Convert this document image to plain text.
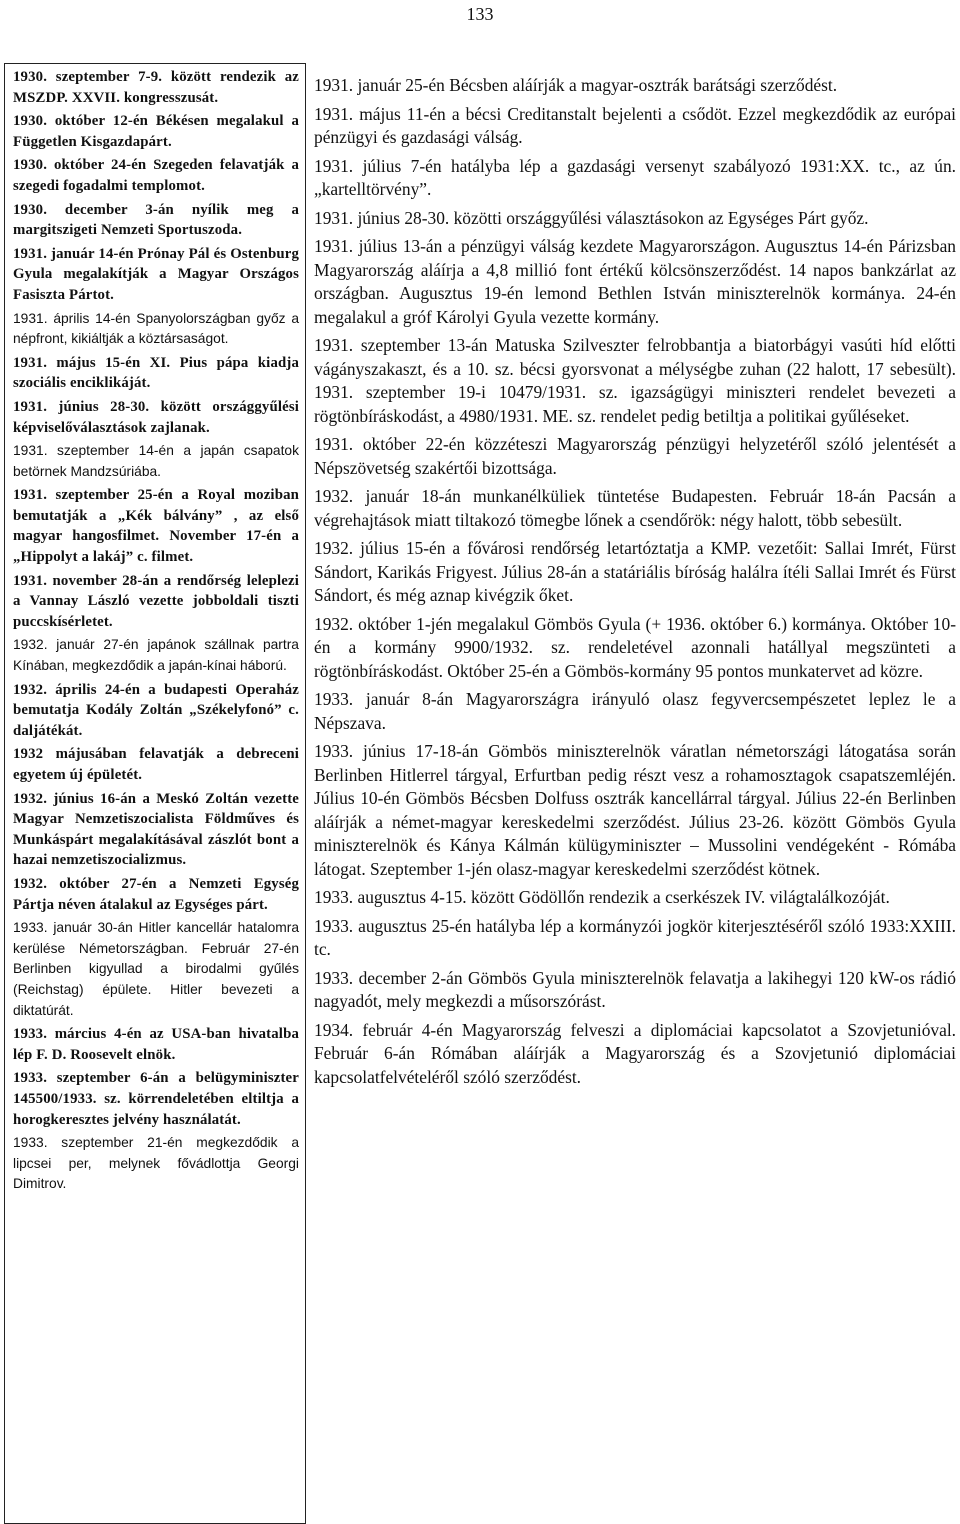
133

1930. szeptember 7-9. között rendezik az MSZDP. XXVII. kongresszusát.

1930. október 12-én Békésen megalakul a Független Kisgazdapárt.

1930. október 24-én Szegeden felavatják a szegedi fogadalmi templomot.

1930. december 3-án nyílik meg a margitszigeti Nemzeti Sportuszoda.

1931. január 14-én Prónay Pál és Ostenburg Gyula megalakítják a Magyar Országos Fasiszta Pártot.

1931. április 14-én Spanyolországban győz a népfront, kikiáltják a köztársaságot.

1931. május 15-én XI. Pius pápa kiadja szociális enciklikáját.

1931. június 28-30. között országgyűlési képviselőválasztások zajlanak.

1931. szeptember 14-én a japán csapatok betörnek Mandzsúriába.

1931. szeptember 25-én a Royal moziban bemutatják a „Kék bálvány” , az első magyar hangosfilmet. November 17-én a „Hippolyt a lakáj” c. filmet.

1931. november 28-án a rendőrség leleplezi a Vannay László vezette jobboldali tiszti puccskísérletet.

1932. január 27-én japánok szállnak partra Kínában, megkezdődik a japán-kínai háború.

1932. április 24-én a budapesti Operaház bemutatja Kodály Zoltán „Székelyfonó” c. daljátékát.

1932 májusában felavatják a debreceni egyetem új épületét.

1932. június 16-án a Meskó Zoltán vezette Magyar Nemzetiszocialista Földműves és Munkáspárt megalakításával zászlót bont a hazai nemzetiszocializmus.

1932. október 27-én a Nemzeti Egység Pártja néven átalakul az Egységes párt.

1933. január 30-án Hitler kancellár hatalomra kerülése Németországban. Február 27-én Berlinben kigyullad a birodalmi gyűlés (Reichstag) épülete. Hitler bevezeti a diktatúrát.

1933. március 4-én az USA-ban hivatalba lép F. D. Roosevelt elnök.

1933. szeptember 6-án a belügyminiszter 145500/1933. sz. körrendeletében eltiltja a horogkeresztes jelvény használatát.

1933. szeptember 21-én megkezdődik a lipcsei per, melynek fővádlottja Georgi Dimitrov.

1931. január 25-én Bécsben aláírják a magyar-osztrák barátsági szerződést.

1931. május 11-én a bécsi Creditanstalt bejelenti a csődöt. Ezzel megkezdődik az európai pénzügyi és gazdasági válság.

1931. július 7-én hatályba lép a gazdasági versenyt szabályozó 1931:XX. tc., az ún. „kartelltörvény”.

1931. június 28-30. közötti országgyűlési választásokon az Egységes Párt győz.

1931. július 13-án a pénzügyi válság kezdete Magyarországon. Augusztus 14-én Párizsban Magyarország aláírja a 4,8 millió font értékű kölcsönszerződést. 14 napos bankzárlat az országban. Augusztus 19-én lemond Bethlen István miniszterelnök kormánya. 24-én megalakul a gróf Károlyi Gyula vezette kormány.

1931. szeptember 13-án Matuska Szilveszter felrobbantja a biatorbágyi vasúti híd előtti vágányszakaszt, és a 10. sz. bécsi gyorsvonat a mélységbe zuhan (22 halott, 17 sebesült). 1931. szeptember 19-i 10479/1931. sz. igazságügyi miniszteri rendelet bevezeti a rögtönbíráskodást, a 4980/1931. ME. sz. rendelet pedig betiltja a politikai gyűléseket.

1931. október 22-én közzéteszi Magyarország pénzügyi helyzetéről szóló jelentését a Népszövetség szakértői bizottsága.

1932. január 18-án munkanélküliek tüntetése Budapesten. Február 18-án Pacsán a végrehajtások miatt tiltakozó tömegbe lőnek a csendőrök: négy halott, több sebesült.

1932. július 15-én a fővárosi rendőrség letartóztatja a KMP. vezetőit: Sallai Imrét, Fürst Sándort, Karikás Frigyest. Július 28-án a statáriális bíróság halálra ítéli Sallai Imrét és Fürst Sándort, és még aznap kivégzik őket.

1932. október 1-jén megalakul Gömbös Gyula (+ 1936. október 6.) kormánya. Október 10-én a kormány 9900/1932. sz. rendeletével azonnali hatállyal megszünteti a rögtönbíráskodást. Október 25-én a Gömbös-kormány 95 pontos munkatervet ad közre.

1933. január 8-án Magyarországra irányuló olasz fegyvercsempészetet leplez le a Népszava.

1933. június 17-18-án Gömbös miniszterelnök váratlan németországi látogatása során Berlinben Hitlerrel tárgyal, Erfurtban pedig részt vesz a rohamosztagok csapatszemléjén. Július 10-én Gömbös Bécsben Dolfuss osztrák kancellárral tárgyal. Július 22-én Berlinben aláírják a német-magyar kereskedelmi szerződést. Július 23-26. között Gömbös Gyula miniszterelnök és Kánya Kálmán külügyminiszter – Mussolini vendégeként - Rómába látogat. Szeptember 1-jén olasz-magyar kereskedelmi szerződést kötnek.

1933. augusztus 4-15. között Gödöllőn rendezik a cserkészek IV. világtalálkozóját.

1933. augusztus 25-én hatályba lép a kormányzói jogkör kiterjesztéséről szóló 1933:XXIII. tc.

1933. december 2-án Gömbös Gyula miniszterelnök felavatja a lakihegyi 120 kW-os rádió nagyadót, mely megkezdi a műsorszórást.

1934. február 4-én Magyarország felveszi a diplomáciai kapcsolatot a Szovjetunióval. Február 6-án Rómában aláírják a Magyarország és a Szovjetunió diplomáciai kapcsolatfelvételéről szóló szerződést.
